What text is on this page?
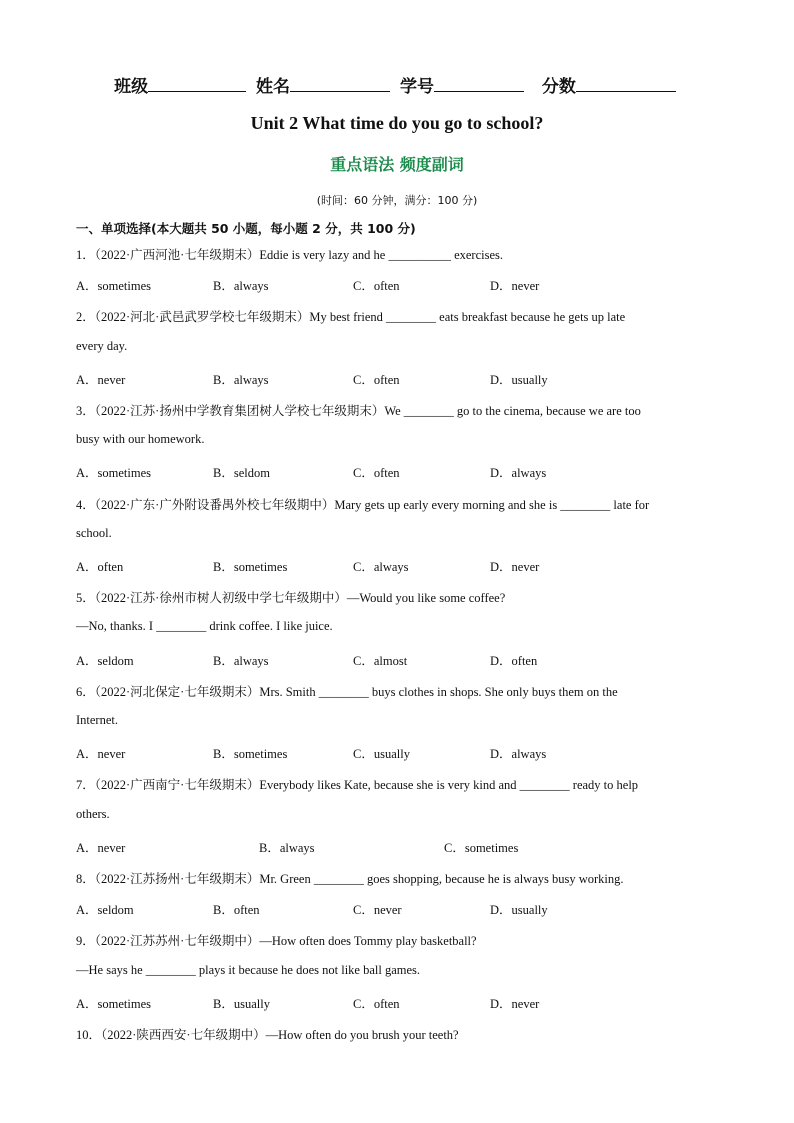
班级	姓名	学号	分数
Unit 2 What time do you go to school?
重点语法 频度副词
(时间：60 分钟，满分：100 分)
一、单项选择(本大题共 50 小题，每小题 2 分，共 100 分)
1．（2022·广西河池·七年级期末）Eddie is very lazy and he __________ exercises.
A．sometimes	B．always	C．often	D．never
2．（2022·河北·武邑武罗学校七年级期末）My best friend ________ eats breakfast because he gets up late
every day.
A．never	B．always	C．often	D．usually
3．（2022·江苏·扬州中学教育集团树人学校七年级期末）We ________ go to the cinema, because we are too
busy with our homework.
A．sometimes	B．seldom	C．often	D．always
4．（2022·广东·广外附设番禺外校七年级期中）Mary gets up early every morning and she is ________ late for
school.
A．often	B．sometimes	C．always	D．never
5．（2022·江苏·徐州市树人初级中学七年级期中）—Would you like some coffee?
—No, thanks. I ________ drink coffee. I like juice.
A．seldom	B．always	C．almost	D．often
6．（2022·河北保定·七年级期末）Mrs. Smith ________ buys clothes in shops. She only buys them on the
Internet.
A．never	B．sometimes	C．usually	D．always
7．（2022·广西南宁·七年级期末）Everybody likes Kate, because she is very kind and ________ ready to help
others.
A．never	B．always	C．sometimes
8．（2022·江苏扬州·七年级期末）Mr. Green ________ goes shopping, because he is always busy working.
A．seldom	B．often	C．never	D．usually
9．（2022·江苏苏州·七年级期中）—How often does Tommy play basketball?
—He says he ________ plays it because he does not like ball games.
A．sometimes	B．usually	C．often	D．never
10．（2022·陕西西安·七年级期中）—How often do you brush your teeth?
